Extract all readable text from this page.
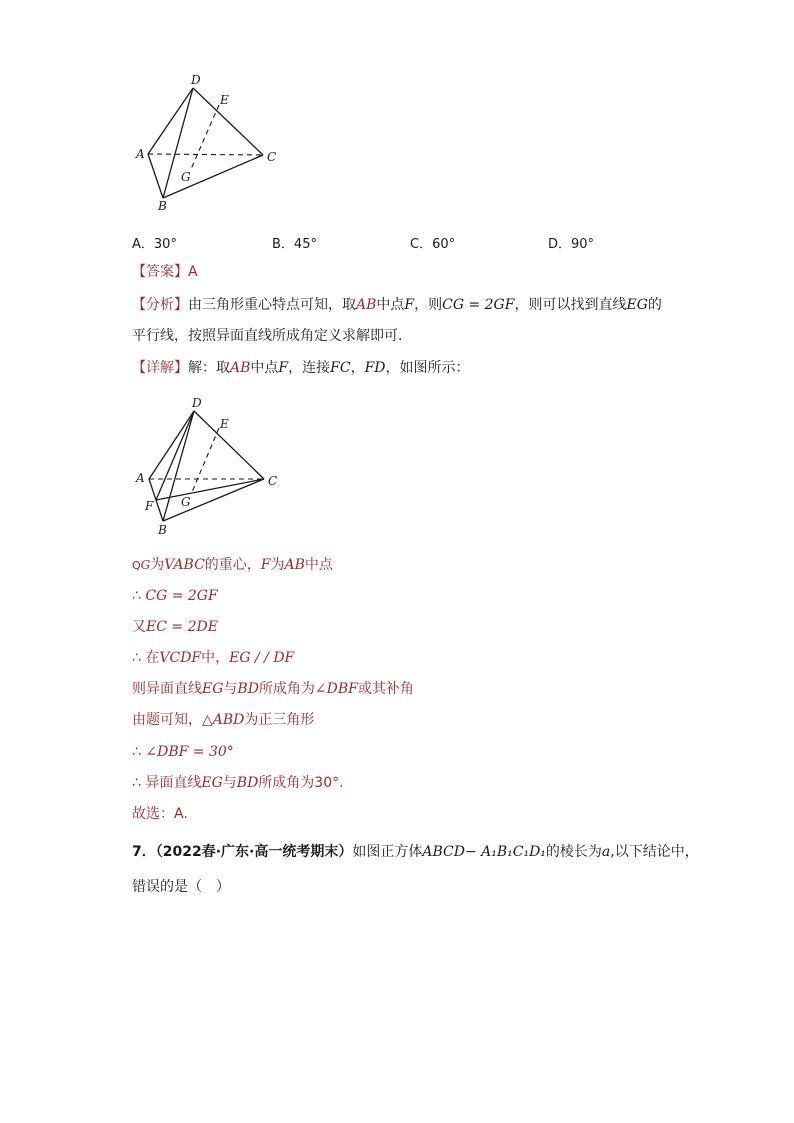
D
E
A	C
G
B
A．30°	B．45°	C．60°	D．90°
【答案】A
【分析】由三角形重心特点可知，取AB中点F，则CG = 2GF，则可以找到直线EG的
平行线，按照异面直线所成角定义求解即可.
【详解】解：取AB中点F，连接FC，FD，如图所示：
D
E
A	C
F G
B
QG为VABC的重心，F为AB中点
∴ CG = 2GF
又EC = 2DE
∴ 在VCDF中，EG / / DF
则异面直线EG与BD所成角为∠DBF或其补角
由题可知，△ABD为正三角形
∴ ∠DBF = 30°
∴ 异面直线EG与BD所成角为30°.
故选：A.
7．（2022春·广东·高一统考期末）如图正方体ABCD− A₁B₁C₁D₁的棱长为a,以下结论中，
错误的是（　）
